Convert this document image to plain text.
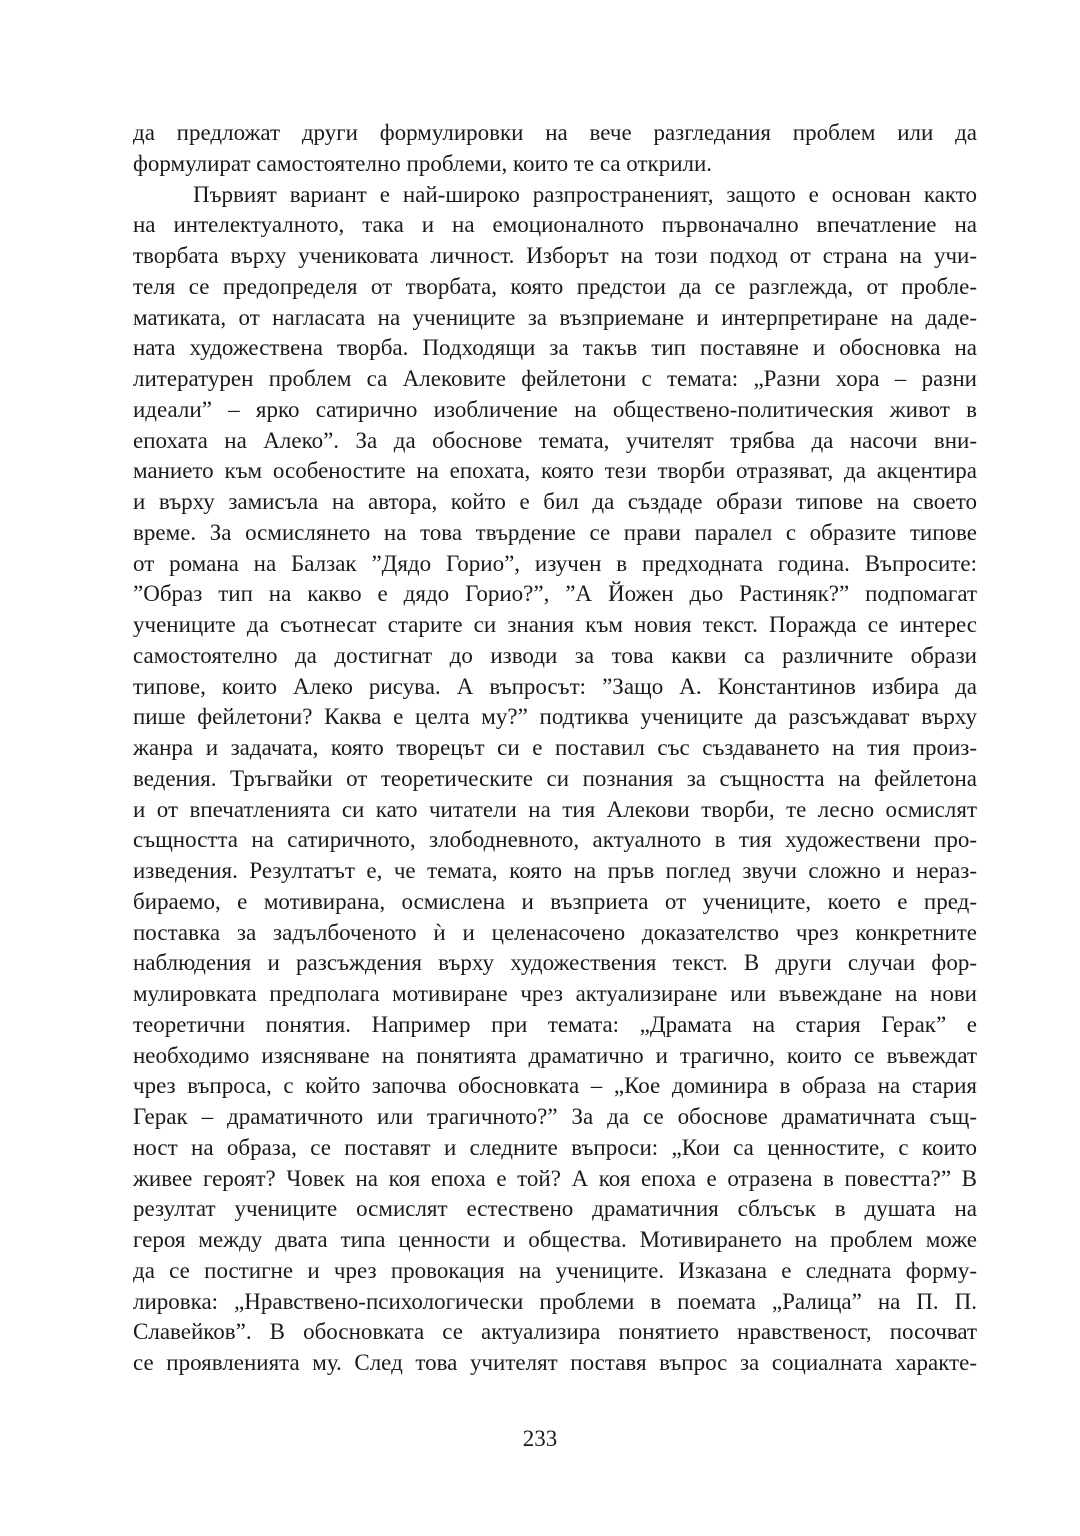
да предложат други формулировки на вече разгледания проблем или да
формулират самостоятелно проблеми, които те са открили.
Първият вариант е най-широко разпространеният, защото е основан както
на интелектуалното, така и на емоционалното първоначално впечатление на
творбата върху учениковата личност. Изборът на този подход от страна на учи-
теля се предопределя от творбата, която предстои да се разглежда, от пробле-
матиката, от нагласата на учениците за възприемане и интерпретиране на даде-
ната художествена творба. Подходящи за такъв тип поставяне и обосновка на
литературен проблем са Алековите фейлетони с темата: „Разни хора – разни
идеали” – ярко сатирично изобличение на обществено-политическия живот в
епохата на Алеко”. За да обоснове темата, учителят трябва да насочи вни-
манието към особеностите на епохата, която тези творби отразяват, да акцентира
и върху замисъла на автора, който е бил да създаде образи типове на своето
време. За осмислянето на това твърдение се прави паралел с образите типове
от романа на Балзак ”Дядо Горио”, изучен в предходната година. Въпросите:
”Образ тип на какво е дядо Горио?”, ”А Йожен дьо Растиняк?” подпомагат
учениците да съотнесат старите си знания към новия текст. Поражда се интерес
самостоятелно да достигнат до изводи за това какви са различните образи
типове, които Алеко рисува. А въпросът: ”Защо А. Константинов избира да
пише фейлетони? Каква е целта му?” подтиква учениците да разсъждават върху
жанра и задачата, която творецът си е поставил със създаването на тия произ-
ведения. Тръгвайки от теоретическите си познания за същността на фейлетона
и от впечатленията си като читатели на тия Алекови творби, те лесно осмислят
същността на сатиричното, злободневното, актуалното в тия художествени про-
изведения. Резултатът е, че темата, която на пръв поглед звучи сложно и нераз-
бираемо, е мотивирана, осмислена и възприета от учениците, което е пред-
поставка за задълбоченото ѝ и целенасочено доказателство чрез конкретните
наблюдения и разсъждения върху художествения текст. В други случаи фор-
мулировката предполага мотивиране чрез актуализиране или въвеждане на нови
теоретични понятия. Например при темата: „Драмата на стария Герак” е
необходимо изясняване на понятията драматично и трагично, които се въвеждат
чрез въпроса, с който започва обосновката – „Кое доминира в образа на стария
Герак – драматичното или трагичното?” За да се обоснове драматичната същ-
ност на образа, се поставят и следните въпроси: „Кои са ценностите, с които
живее героят? Човек на коя епоха е той? А коя епоха е отразена в повестта?” В
резултат учениците осмислят естествено драматичния сблъсък в душата на
героя между двата типа ценности и общества. Мотивирането на проблем може
да се постигне и чрез провокация на учениците. Изказана е следната форму-
лировка: „Нравствено-психологически проблеми в поемата „Ралица” на П. П.
Славейков”. В обосновката се актуализира понятието нравственост, посочват
се проявленията му. След това учителят поставя въпрос за социалната характе-
233
